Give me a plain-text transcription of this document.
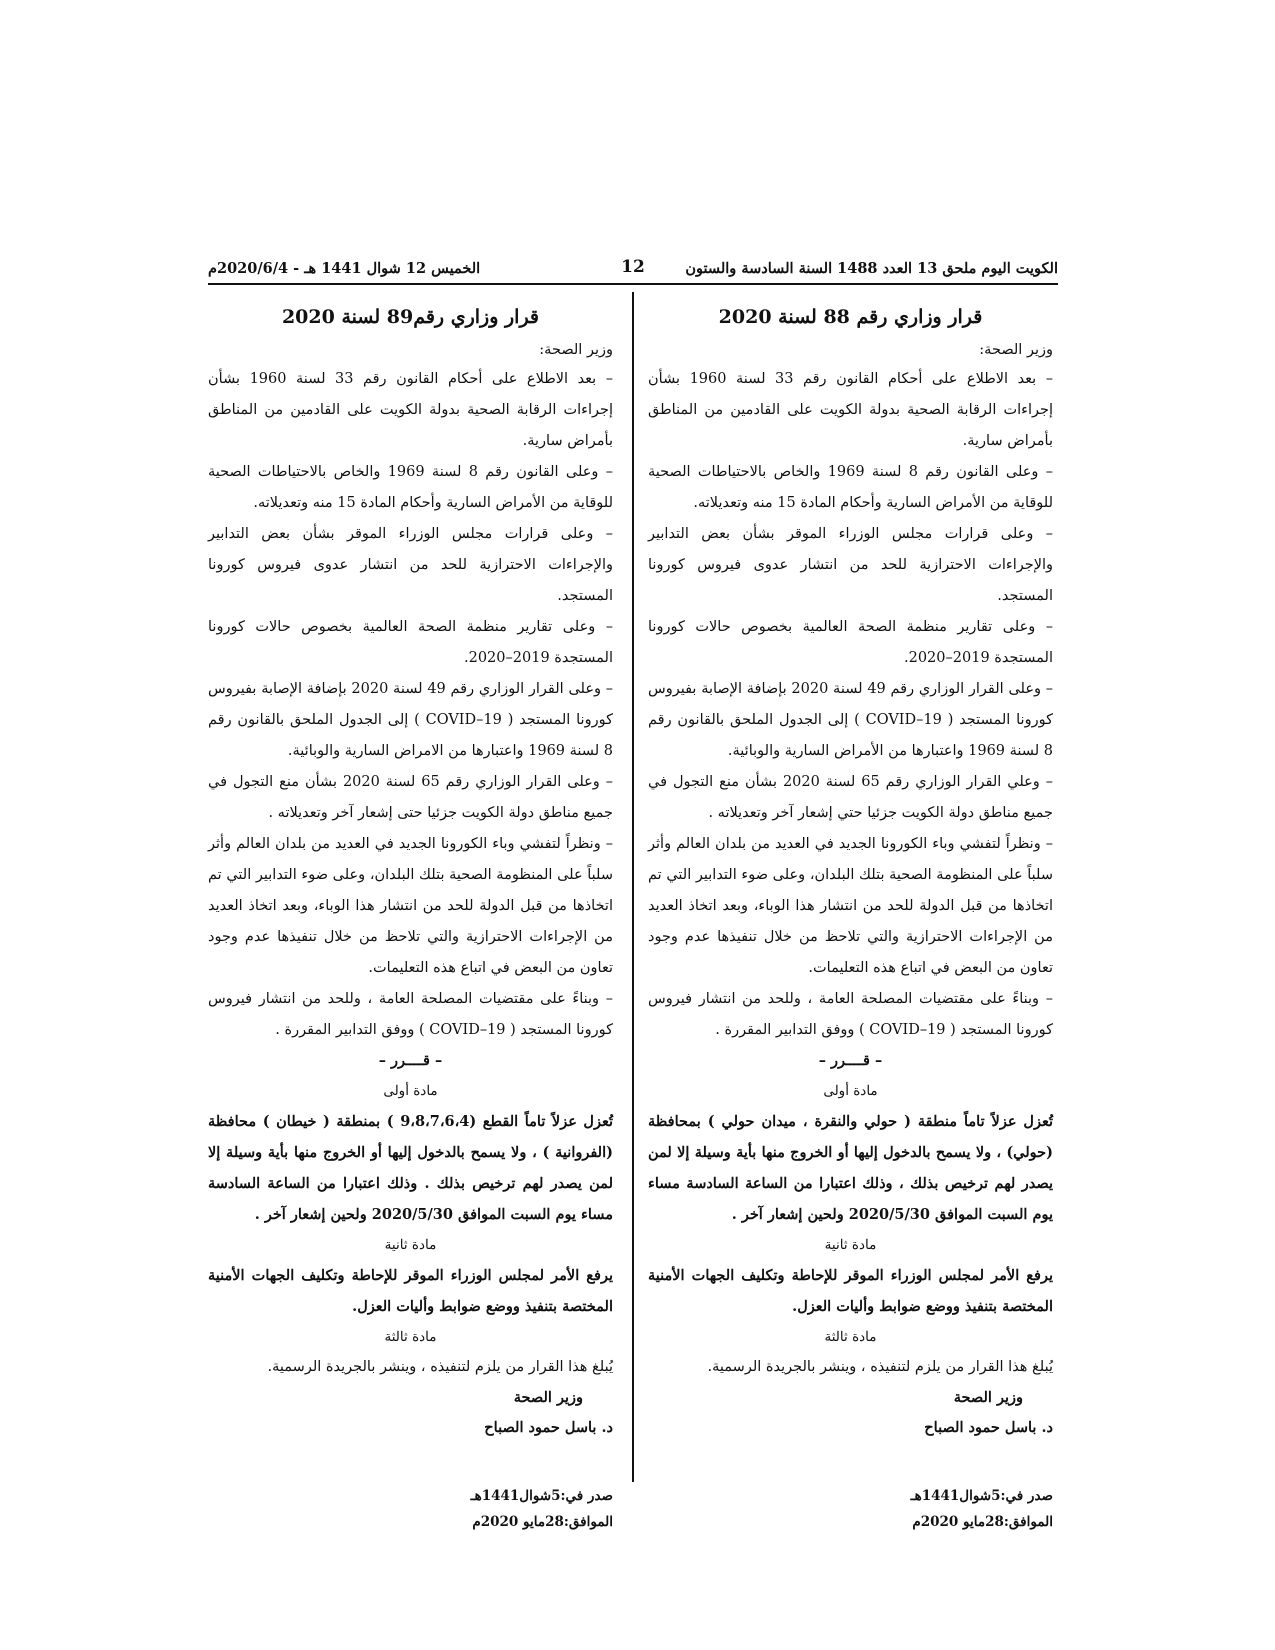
الكويت اليوم ملحق 13 العدد 1488 السنة السادسة والستون
12
الخميس 12 شوال 1441 هـ - 2020/6/4م
قرار وزاري رقم 88 لسنة 2020
وزير الصحة:

– بعد الاطلاع على أحكام القانون رقم 33 لسنة 1960 بشأن إجراءات الرقابة الصحية بدولة الكويت على القادمين من المناطق بأمراض سارية.

– وعلى القانون رقم 8 لسنة 1969 والخاص بالاحتياطات الصحية للوقاية من الأمراض السارية وأحكام المادة 15 منه وتعديلاته.

– وعلى قرارات مجلس الوزراء الموقر بشأن بعض التدابير والإجراءات الاحترازية للحد من انتشار عدوى فيروس كورونا المستجد.

– وعلى تقارير منظمة الصحة العالمية بخصوص حالات كورونا المستجدة 2019–2020.

– وعلى القرار الوزاري رقم 49 لسنة 2020 بإضافة الإصابة بفيروس كورونا المستجد ( COVID–19 ) إلى الجدول الملحق بالقانون رقم 8 لسنة 1969 واعتبارها من الأمراض السارية والوبائية.

– وعلي القرار الوزاري رقم 65 لسنة 2020 بشأن منع التجول في جميع مناطق دولة الكويت جزئيا حتي إشعار آخر وتعديلاته .

– ونظراً لتفشي وباء الكورونا الجديد في العديد من بلدان العالم وأثر سلباً على المنظومة الصحية بتلك البلدان، وعلى ضوء التدابير التي تم اتخاذها من قبل الدولة للحد من انتشار هذا الوباء، وبعد اتخاذ العديد من الإجراءات الاحترازية والتي تلاحظ من خلال تنفيذها عدم وجود تعاون من البعض في اتباع هذه التعليمات.

– وبناءً على مقتضيات المصلحة العامة ، وللحد من انتشار فيروس كورونا المستجد ( COVID–19 ) ووفق التدابير المقررة .

– قــــرر –
مادة أولى

تُعزل عزلاً تاماً منطقة ( حولي والنقرة ، ميدان حولي ) بمحافظة (حولي) ، ولا يسمح بالدخول إليها أو الخروج منها بأية وسيلة إلا لمن يصدر لهم ترخيص بذلك ، وذلك اعتبارا من الساعة السادسة مساء يوم السبت الموافق 2020/5/30 ولحين إشعار آخر .

مادة ثانية

يرفع الأمر لمجلس الوزراء الموقر للإحاطة وتكليف الجهات الأمنية المختصة بتنفيذ ووضع ضوابط وأليات العزل.

مادة ثالثة

يُبلغ هذا القرار من يلزم لتنفيذه ، وينشر بالجريدة الرسمية.

وزير الصحة
د. باسل حمود الصباح
صدر في:5شوال1441هـ
الموافق:28مايو 2020م
قرار وزاري رقم89 لسنة 2020
وزير الصحة:

– بعد الاطلاع على أحكام القانون رقم 33 لسنة 1960 بشأن إجراءات الرقابة الصحية بدولة الكويت على القادمين من المناطق بأمراض سارية.

– وعلى القانون رقم 8 لسنة 1969 والخاص بالاحتياطات الصحية للوقاية من الأمراض السارية وأحكام المادة 15 منه وتعديلاته.

– وعلى قرارات مجلس الوزراء الموقر بشأن بعض التدابير والإجراءات الاحترازية للحد من انتشار عدوى فيروس كورونا المستجد.

– وعلى تقارير منظمة الصحة العالمية بخصوص حالات كورونا المستجدة 2019–2020.

– وعلى القرار الوزاري رقم 49 لسنة 2020 بإضافة الإصابة بفيروس كورونا المستجد ( COVID–19 ) إلى الجدول الملحق بالقانون رقم 8 لسنة 1969 واعتبارها من الامراض السارية والوبائية.

– وعلى القرار الوزاري رقم 65 لسنة 2020 بشأن منع التجول في جميع مناطق دولة الكويت جزئيا حتى إشعار آخر وتعديلاته .

– ونظراً لتفشي وباء الكورونا الجديد في العديد من بلدان العالم وأثر سلباً على المنظومة الصحية بتلك البلدان، وعلى ضوء التدابير التي تم اتخاذها من قبل الدولة للحد من انتشار هذا الوباء، وبعد اتخاذ العديد من الإجراءات الاحترازية والتي تلاحظ من خلال تنفيذها عدم وجود تعاون من البعض في اتباع هذه التعليمات.

– وبناءً على مقتضيات المصلحة العامة ، وللحد من انتشار فيروس كورونا المستجد ( COVID–19 ) ووفق التدابير المقررة .

– قــــرر –
مادة أولى

تُعزل عزلاً تاماً القطع (9،8،7،6،4 ) بمنطقة ( خيطان ) محافظة (الفروانية ) ، ولا يسمح بالدخول إليها أو الخروج منها بأية وسيلة إلا لمن يصدر لهم ترخيص بذلك . وذلك اعتبارا من الساعة السادسة مساء يوم السبت الموافق 2020/5/30 ولحين إشعار آخر .

مادة ثانية

يرفع الأمر لمجلس الوزراء الموقر للإحاطة وتكليف الجهات الأمنية المختصة بتنفيذ ووضع ضوابط وأليات العزل.

مادة ثالثة

يُبلغ هذا القرار من يلزم لتنفيذه ، وينشر بالجريدة الرسمية.

وزير الصحة
د. باسل حمود الصباح
صدر في:5شوال1441هـ
الموافق:28مايو 2020م
